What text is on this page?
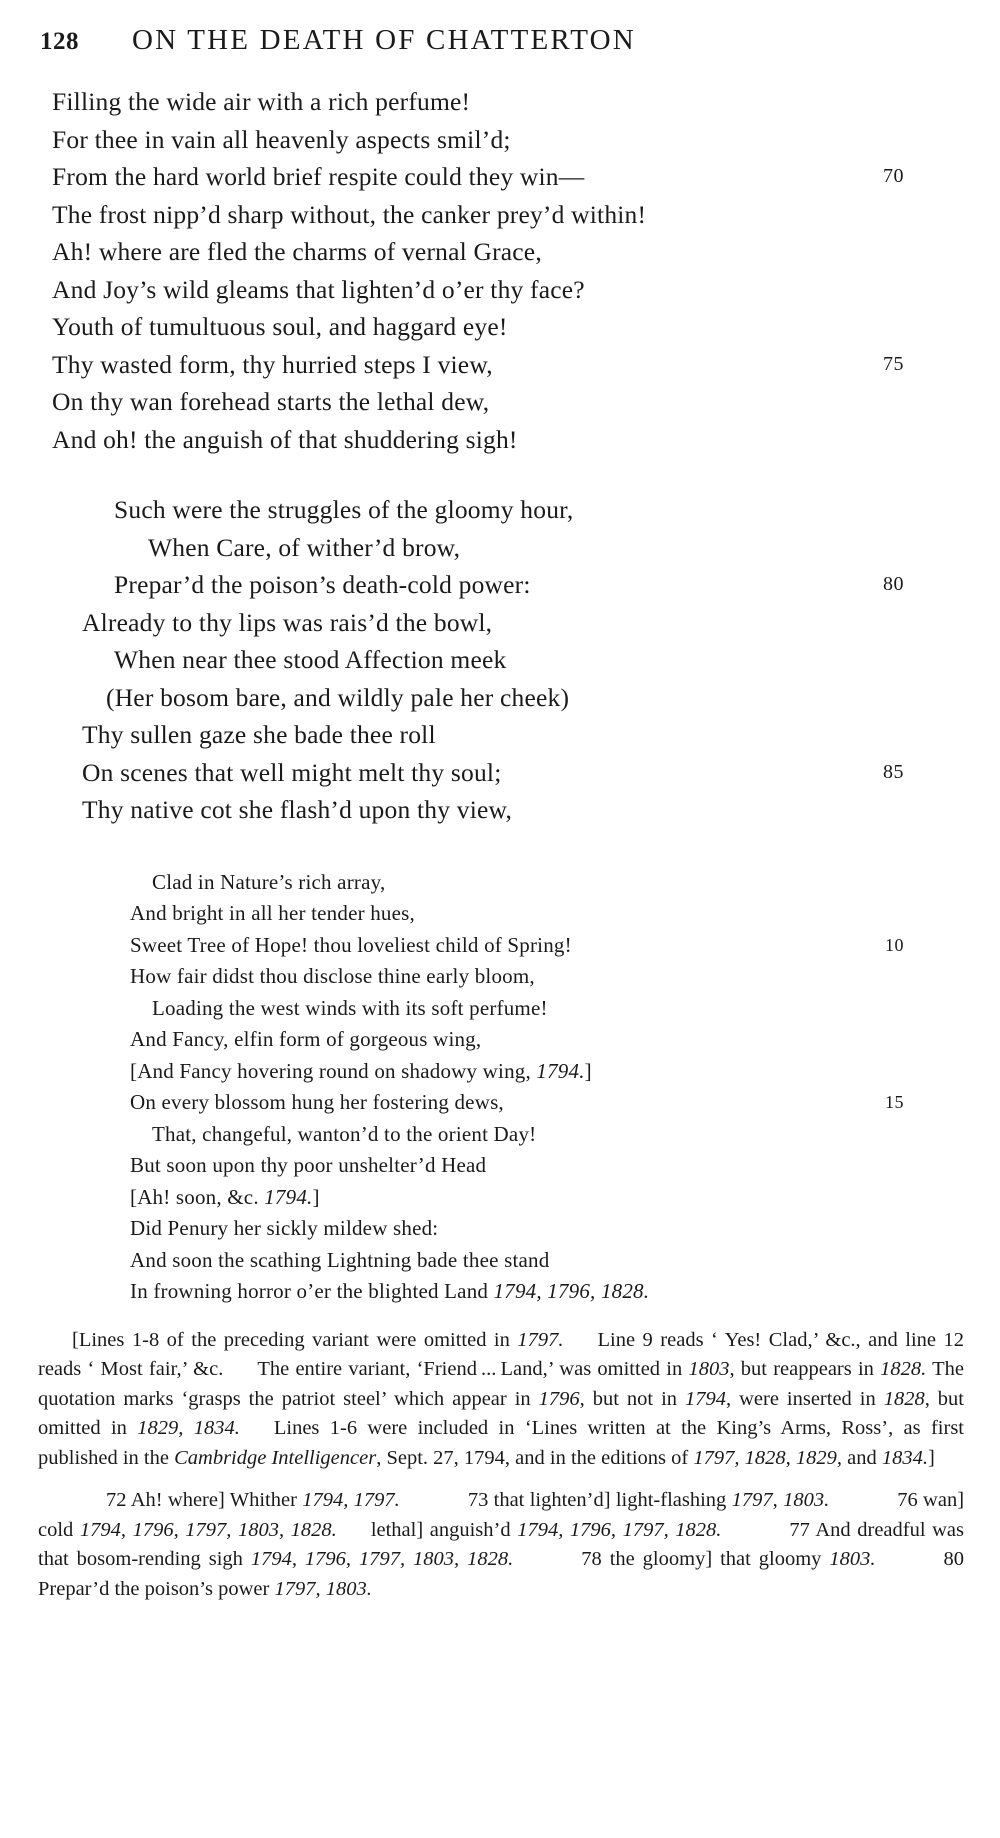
128	ON THE DEATH OF CHATTERTON
Filling the wide air with a rich perfume!
For thee in vain all heavenly aspects smil’d;
From the hard world brief respite could they win—	70
The frost nipp’d sharp without, the canker prey’d within!
Ah! where are fled the charms of vernal Grace,
And Joy’s wild gleams that lighten’d o’er thy face?
Youth of tumultuous soul, and haggard eye!
Thy wasted form, thy hurried steps I view,	75
On thy wan forehead starts the lethal dew,
And oh! the anguish of that shuddering sigh!
Such were the struggles of the gloomy hour,
When Care, of wither’d brow,
Prepar’d the poison’s death-cold power:	80
Already to thy lips was rais’d the bowl,
When near thee stood Affection meek
(Her bosom bare, and wildly pale her cheek)
Thy sullen gaze she bade thee roll
On scenes that well might melt thy soul;	85
Thy native cot she flash’d upon thy view,
Clad in Nature’s rich array,
And bright in all her tender hues,
Sweet Tree of Hope! thou loveliest child of Spring!	10
How fair didst thou disclose thine early bloom,
Loading the west winds with its soft perfume!
And Fancy, elfin form of gorgeous wing,
[And Fancy hovering round on shadowy wing, 1794.]
On every blossom hung her fostering dews,	15
That, changeful, wanton’d to the orient Day!
But soon upon thy poor unshelter’d Head
[Ah! soon, &c. 1794.]
Did Penury her sickly mildew shed:
And soon the scathing Lightning bade thee stand
In frowning horror o’er the blighted Land 1794, 1796, 1828.

[Lines 1-8 of the preceding variant were omitted in 1797. Line 9 reads ‘ Yes! Clad,’ &c., and line 12 reads ‘ Most fair,’ &c. The entire variant, ‘Friend ... Land,’ was omitted in 1803, but reappears in 1828. The quotation marks ‘grasps the patriot steel’ which appear in 1796, but not in 1794, were inserted in 1828, but omitted in 1829, 1834. Lines 1-6 were included in ‘Lines written at the King’s Arms, Ross’, as first published in the Cambridge Intelligencer, Sept. 27, 1794, and in the editions of 1797, 1828, 1829, and 1834.]

72 Ah! where] Whither 1794, 1797.	73 that lighten’d] light-flashing 1797, 1803.	76 wan] cold 1794, 1796, 1797, 1803, 1828. lethal] anguish’d 1794, 1796, 1797, 1828.	77 And dreadful was that bosom-rending sigh 1794, 1796, 1797, 1803, 1828.	78 the gloomy] that gloomy 1803.	80 Prepar’d the poison’s power 1797, 1803.
